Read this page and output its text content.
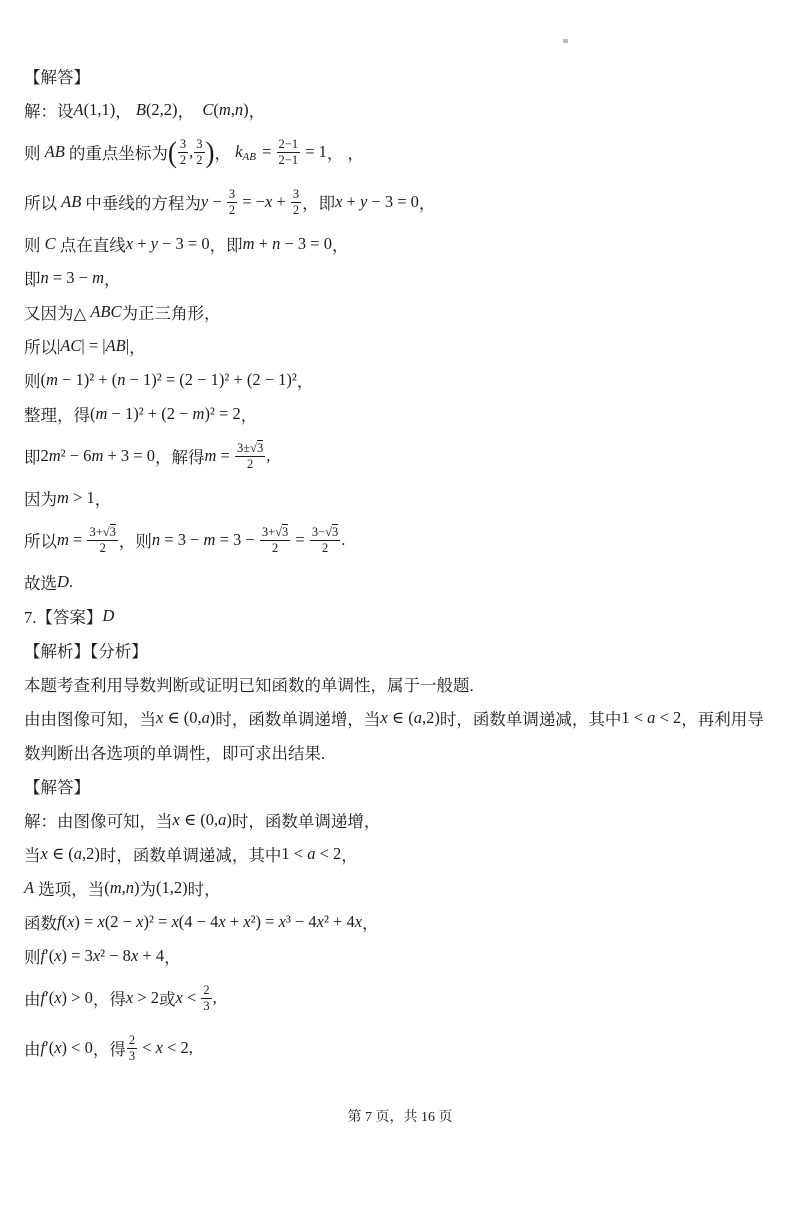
【解答】
解：设 A(1,1) ， B(2,2) ， C(m,n) ，
则 AB 的重点坐标为 ( $\frac{3}{2}$ , $\frac{3}{2}$ ) ， k AB = $\frac{2-1}{2-1} = 1$ ， ，
所以 AB 中垂线的方程为 $y - \frac{3}{2} = -x + \frac{3}{2}$ ，即 x + y − 3 = 0 ，
则 C 点在直线 x + y − 3 = 0 ，即 m + n − 3 = 0 ，
即 n = 3 − m ，
又因为△ ABC 为正三角形，
所以 |AC| = |AB| ，
则 (m − 1)² + (n − 1)² = (2 − 1)² + (2 − 1)² ，
整理，得 (m − 1)² + (2 − m)² = 2 ，
即 2m² − 6m + 3 = 0 ，解得 $m = \frac{3\pm√3}{2}$ ,
因为 m > 1 ，
所以 $m = \frac{3+√3}{2}$ ，则 $n = 3 - m = 3 - \frac{3+√3}{2} = \frac{3-√3}{2}$ .
故选 D.
7.【答案】 D
【解析】【分析】
本题考查利用导数判断或证明已知函数的单调性，属于一般题.
由由图像可知，当 x ∈ (0,a) 时，函数单调递增，当 x ∈ (a,2) 时，函数单调递减，其中 1 < a < 2 ，再利用导
数判断出各选项的单调性，即可求出结果.
【解答】
解：由图像可知，当 x ∈ (0,a) 时，函数单调递增，
当 x ∈ (a,2) 时，函数单调递减，其中 1 < a < 2 ，
A 选项，当 (m,n) 为 (1,2) 时，
函数 f(x) = x(2 − x)² = x(4 − 4x + x²) = x³ − 4x² + 4x ，
则 f′(x) = 3x² − 8x + 4 ，
由 f′(x) > 0 ，得 x > 2 或 $x < \frac{2}{3}$ ,
由 f′(x) < 0 ，得 $\frac{2}{3} < x < 2$ ,
第 7 页，共 16 页
